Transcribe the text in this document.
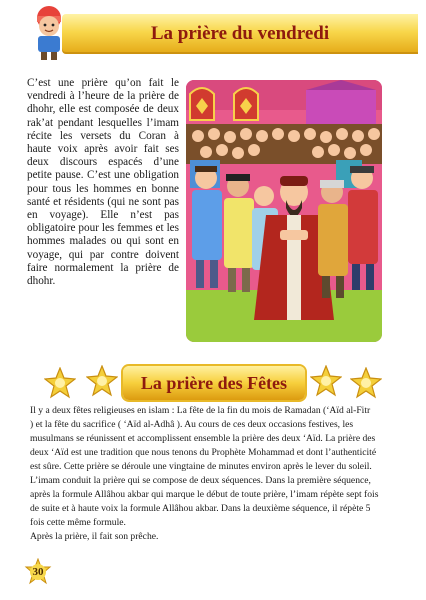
La prière du vendredi
C’est une prière qu’on fait le vendredi à l’heure de la prière de dhohr, elle est composée de deux rak’at pendant lesquelles l’imam récite les versets du Coran à haute voix après avoir fait ses deux discours espacés d’une petite pause. C’est une obligation pour tous les hommes en bonne santé et résidents (qui ne sont pas en voyage). Elle n’est pas obligatoire pour les femmes et les hommes malades ou qui sont en voyage, qui par contre doivent faire normalement la prière de dhohr.
La prière des Fêtes
Il y a deux fêtes religieuses en islam : La fête de la fin du mois de Ramadan (‘Aïd al-Fitr
) et la fête du sacrifice ( ‘Aïd al-Adhâ ). Au cours de ces deux occasions festives, les
musulmans se réunissent et accomplissent ensemble la prière des deux ‘Aïd. La prière des
deux ‘Aïd est une tradition que nous tenons du Prophète Mohammad et dont l’authenticité
est sûre. Cette prière se déroule une vingtaine de minutes environ après le lever du soleil.
L’imam conduit la prière qui se compose de deux séquences. Dans la première séquence,
après la formule Allâhou akbar qui marque le début de toute prière, l’imam répète sept fois
de suite et à haute voix la formule Allâhou akbar. Dans la deuxième séquence, il répète 5
fois cette même formule.
Après la prière, il fait son prêche.
30
